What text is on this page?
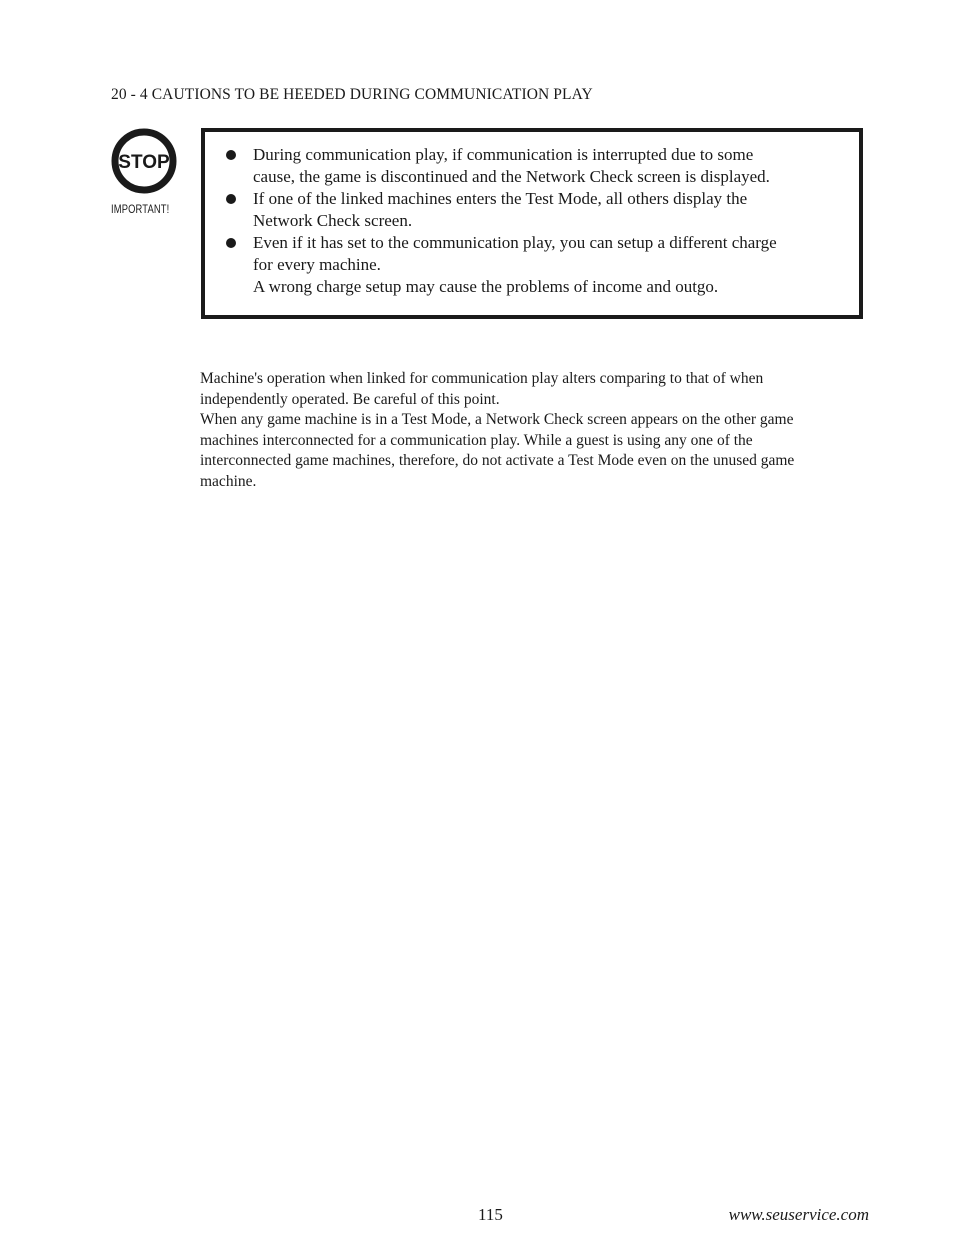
20 - 4 CAUTIONS TO BE HEEDED DURING COMMUNICATION PLAY
STOP
IMPORTANT!
During communication play, if communication is interrupted due to some
cause, the game is discontinued and the Network Check screen is displayed.
If one of the linked machines enters the Test Mode, all others display the
Network Check screen.
Even if it has set to the communication play, you can setup a different charge
for every machine.
A wrong charge setup may cause the problems of income and outgo.
Machine's operation when linked for communication play alters comparing to that of when
independently operated. Be careful of this point.
When any game machine is in a Test Mode, a Network Check screen appears on the other game
machines interconnected for a communication play. While a guest is using any one of the
interconnected game machines, therefore, do not activate a Test Mode even on the unused game
machine.
115	www.seuservice.com
